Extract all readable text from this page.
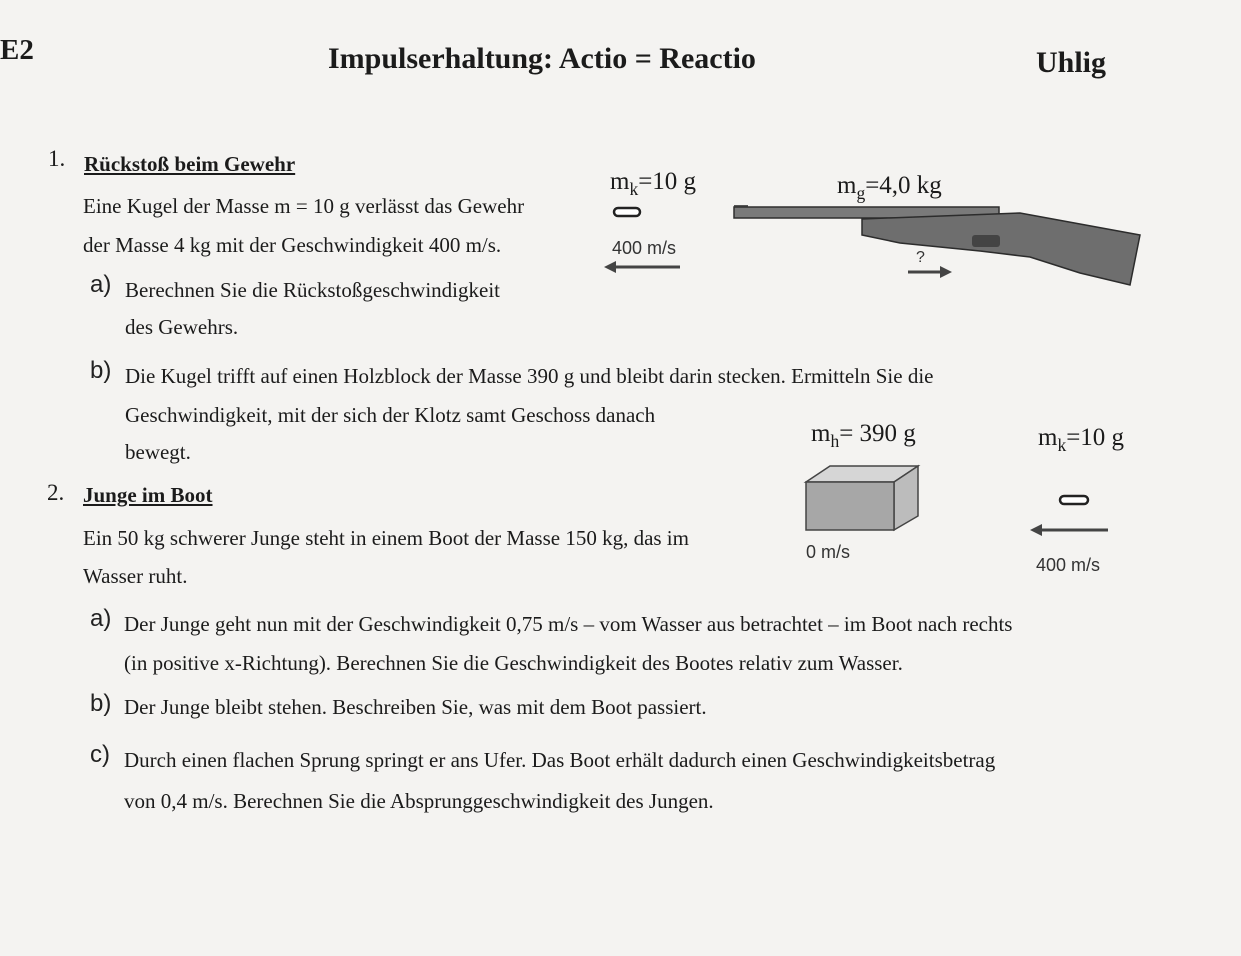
E2	Impulserhaltung: Actio = Reactio	Uhlig
1. Rückstoß beim Gewehr
Eine Kugel der Masse m = 10 g verlässt das Gewehr
der Masse 4 kg mit der Geschwindigkeit 400 m/s.
a) Berechnen Sie die Rückstoßgeschwindigkeit
des Gewehrs.
b) Die Kugel trifft auf einen Holzblock der Masse 390 g und bleibt darin stecken. Ermitteln Sie die
Geschwindigkeit, mit der sich der Klotz samt Geschoss danach
bewegt.
$m_k=10$ g	$m_g=4,0$ kg
400 m/s	?
$m_h= 390$ g	$m_k=10$ g
0 m/s
400 m/s
2. Junge im Boot
Ein 50 kg schwerer Junge steht in einem Boot der Masse 150 kg, das im
Wasser ruht.
a) Der Junge geht nun mit der Geschwindigkeit 0,75 m/s – vom Wasser aus betrachtet – im Boot nach rechts
(in positive x-Richtung). Berechnen Sie die Geschwindigkeit des Bootes relativ zum Wasser.
b) Der Junge bleibt stehen. Beschreiben Sie, was mit dem Boot passiert.
c) Durch einen flachen Sprung springt er ans Ufer. Das Boot erhält dadurch einen Geschwindigkeitsbetrag
von 0,4 m/s. Berechnen Sie die Absprunggeschwindigkeit des Jungen.
